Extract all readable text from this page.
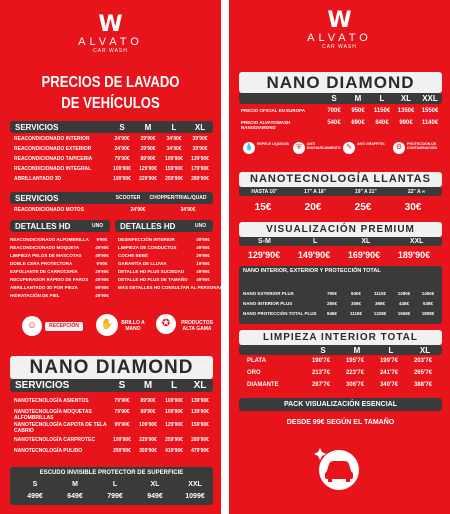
W
ALVATO
CAR WASH
PRECIOS DE LAVADO
DE VEHÍCULOS
SERVICIOS	S	M	L	XL
REACONDICIONADO INTERIOR	24'90€	29'90€	34'90€	39'90€
REACONDICIONADO EXTERIOR	24'90€	29'90€	34'90€	39'90€
REACONDICIONADO TAPICERIA	79'90€	89'90€	109'90€	139'90€
REACONDICIONADO INTEGRAL	109'90€	129'90€	159'90€	179'90€
ABRILLANTADO 3D	199'90€	229'90€	259'90€	289'90€
SERVICIOS	SCOOTER	CHOPPER/TRIAL/QUAD
REACONDICIONADO MOTOS	24'90€	34'90€
DETALLES HD	UNO	DETALLES HD	UNO
REACONDICIONADO ALFOMBRILLA	9'90€
REACONDICIONADO MOQUETA	49'90€
LIMPIEZA PELOS DE MASCOTAS	49'90€
DOBLE CERA PROTECTORA	9'90€
EXFOLIANTE DE CARROCERÍA	29'90€
RECUPERADOR RÁPIDO DE FAROS	49'90€
ABRILLANTADO 3D POR PIEZA	59'90€
HIDRATACIÓN DE PIEL	49'90€
DESINFECCIÓN INTERIOR	49'90€
LIMPIEZA DE CONDUCTOS	49'90€
COCHE BEBÉ	29'90€
GARANTÍA DE LLUVIA	19'90€
DETALLE HD PLUS SUCIEDAD	49'90€
DETALLE HD PLUS DE TAMAÑO	49'90€
MÁS DETALLES HD CONSULTAR AL PERSONAL
☺	RECEPCIÓN	✋	BRILLO A MANO	✪	PRODUCTOS ALTA GAMA
NANO DIAMOND
SERVICIOS	S	M	L	XL
NANOTECNOLOGÍA ASIENTOS	79'90€	89'90€	109'90€	139'90€
NANOTECNOLOGÍA MOQUETAS ALFOMBRILLAS
79'90€	89'90€	109'90€	139'90€
NANOTECNOLOGÍA CAPOTA DE TELA CABRIO
99'90€	109'90€	129'90€	159'90€
NANOTECNOLOGÍA CARPROTEC	199'90€	229'90€	259'90€	289'90€
NANOTECNOLOGÍA PULIDO	299'90€	359'90€	419'90€	479'90€
ESCUDO INVISIBLE PROTECTOR DE SUPERFICIE
S	M	L	XL	XXL
499€	649€	799€	949€	1099€
W
ALVATO
CAR WASH
NANO DIAMOND
S	M	L	XL	XXL
PRECIO OFICIAL EN EUROPA	700€	950€	1150€	1350€	1550€
PRECIO ALVATOWASH NANODIAMOND
540€	690€	840€	990€	1140€
💧	REPELE LIQUIDOS	⛨	ANTI ENCHARCAMIENTO ✎	ANTI GRAFFITIS	⚙	PROTECCIÓN DE CONTAMINACIÓN
NANOTECNOLOGÍA LLANTAS
HASTA 16"	17" A 18"	19" A 21"	22" A ∞
15€	20€	25€	30€
VISUALIZACIÓN PREMIUM
S-M	L	XL	XXL
129'90€	149'90€	169'90€	189'90€
NANO INTERIOR, EXTERIOR Y PROTECCIÓN TOTAL
NANO EXTERIOR PLUS	790€	940€	1110€	1280€	1450€
NANO INTERIOR PLUS	280€	308€	368€	448€	538€
NANO PROTECCIÓN TOTAL PLUS	948€	1118€	1328€	1558€	1808€
LIMPIEZA INTERIOR TOTAL
S	M	L	XL
PLATA	190'7€	195'7€	199'7€	203'7€
ORO	213'7€	223'7€	241'7€	265'7€
DIAMANTE	287'7€	306'7€	340'7€	388'7€
PACK VISUALIZACIÓN ESENCIAL
DESDE 99€ SEGÚN EL TAMAÑO
